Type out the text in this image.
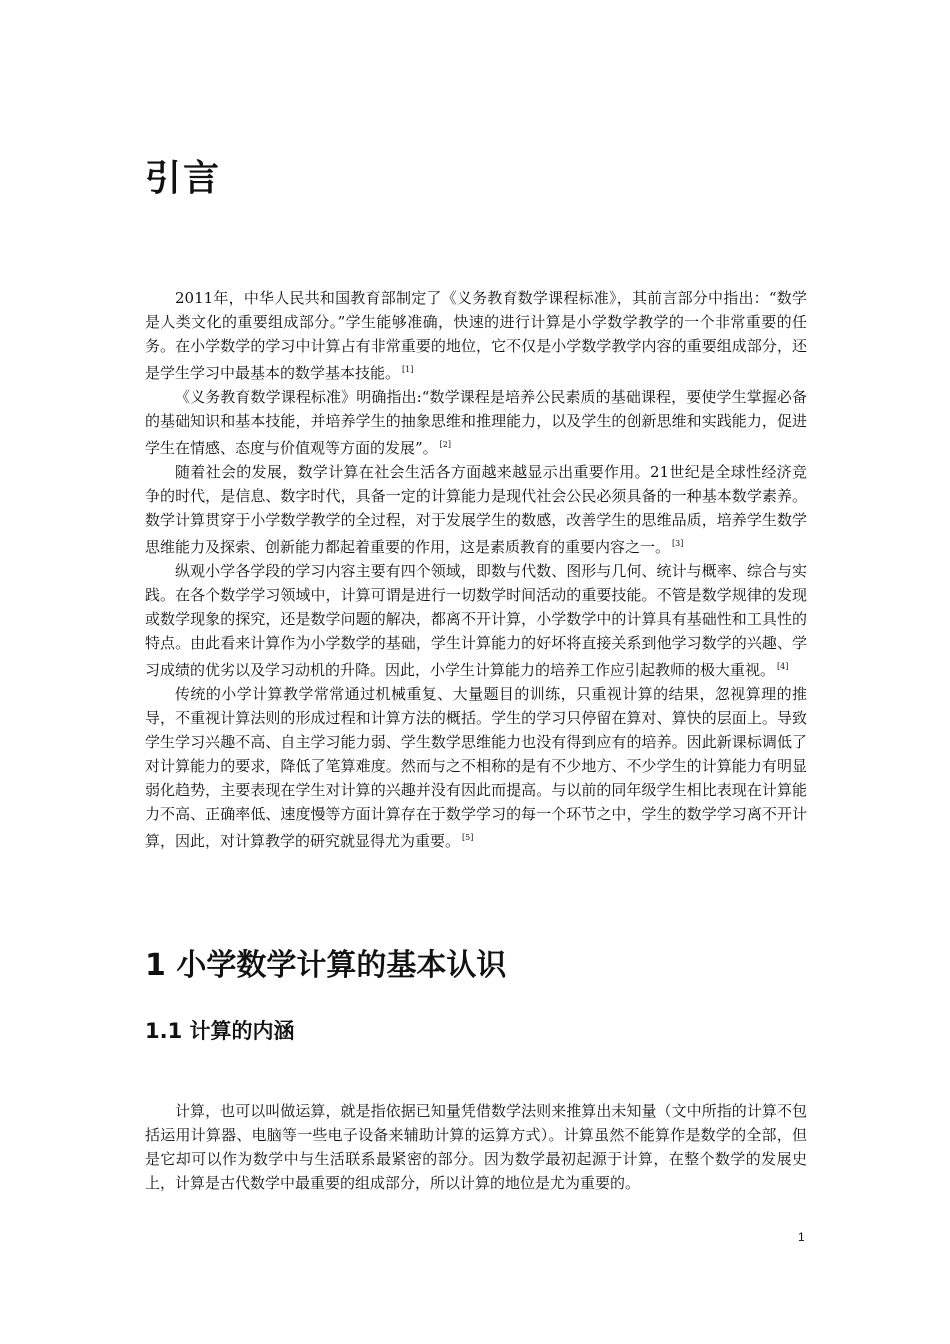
引言

2011年，中华人民共和国教育部制定了《义务教育数学课程标准》，其前言部分中指出：“数学是人类文化的重要组成部分。”学生能够准确，快速的进行计算是小学数学教学的一个非常重要的任务。在小学数学的学习中计算占有非常重要的地位，它不仅是小学数学教学内容的重要组成部分，还是学生学习中最基本的数学基本技能。 [1]

《义务教育数学课程标准》明确指出:“数学课程是培养公民素质的基础课程，要使学生掌握必备的基础知识和基本技能，并培养学生的抽象思维和推理能力，以及学生的创新思维和实践能力，促进学生在情感、态度与价值观等方面的发展”。 [2]

随着社会的发展，数学计算在社会生活各方面越来越显示出重要作用。21世纪是全球性经济竞争的时代，是信息、数字时代，具备一定的计算能力是现代社会公民必须具备的一种基本数学素养。数学计算贯穿于小学数学教学的全过程，对于发展学生的数感，改善学生的思维品质，培养学生数学思维能力及探索、创新能力都起着重要的作用，这是素质教育的重要内容之一。 [3]

纵观小学各学段的学习内容主要有四个领域，即数与代数、图形与几何、统计与概率、综合与实践。在各个数学学习领域中，计算可谓是进行一切数学时间活动的重要技能。不管是数学规律的发现或数学现象的探究，还是数学问题的解决，都离不开计算，小学数学中的计算具有基础性和工具性的特点。由此看来计算作为小学数学的基础，学生计算能力的好坏将直接关系到他学习数学的兴趣、学习成绩的优劣以及学习动机的升降。因此，小学生计算能力的培养工作应引起教师的极大重视。 [4]

传统的小学计算教学常常通过机械重复、大量题目的训练，只重视计算的结果，忽视算理的推导，不重视计算法则的形成过程和计算方法的概括。学生的学习只停留在算对、算快的层面上。导致学生学习兴趣不高、自主学习能力弱、学生数学思维能力也没有得到应有的培养。因此新课标调低了对计算能力的要求，降低了笔算难度。然而与之不相称的是有不少地方、不少学生的计算能力有明显弱化趋势，主要表现在学生对计算的兴趣并没有因此而提高。与以前的同年级学生相比表现在计算能力不高、正确率低、速度慢等方面计算存在于数学学习的每一个环节之中，学生的数学学习离不开计算，因此，对计算教学的研究就显得尤为重要。 [5]

1 小学数学计算的基本认识
1.1 计算的内涵

计算，也可以叫做运算，就是指依据已知量凭借数学法则来推算出未知量（文中所指的计算不包括运用计算器、电脑等一些电子设备来辅助计算的运算方式）。计算虽然不能算作是数学的全部，但是它却可以作为数学中与生活联系最紧密的部分。因为数学最初起源于计算，在整个数学的发展史上，计算是古代数学中最重要的组成部分，所以计算的地位是尤为重要的。

1
